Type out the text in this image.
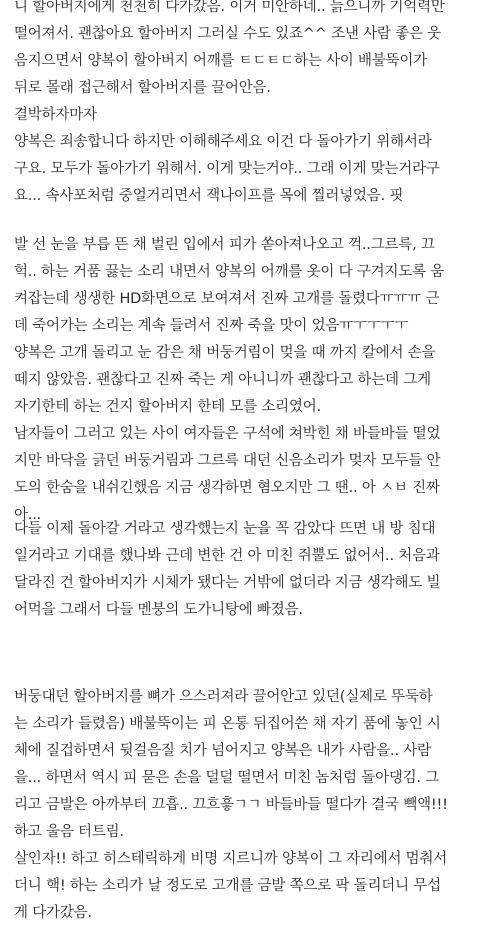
니 할아버지에게 천천히 다가갔음. 이거 미안하네.. 늙으니까 기억력만
떨어져서. 괜찮아요 할아버지 그러실 수도 있죠^^ 조낸 사람 좋은 웃
음지으면서 양복이 할아버지 어깨를 ㅌㄷㅌㄷ하는 사이 배불뚝이가
뒤로 몰래 접근해서 할아버지를 끌어안음.
결박하자마자
양복은 죄송합니다 하지만 이해해주세요 이건 다 돌아가기 위해서라
구요. 모두가 돌아가기 위해서. 이게 맞는거야.. 그래 이게 맞는거라구
요... 속사포처럼 중얼거리면서 잭나이프를 목에 찔러넣었음. 핏
발 선 눈을 부릅 뜬 채 벌린 입에서 피가 쏟아져나오고 꺽..그르륵, 끄
헉.. 하는 거품 끓는 소리 내면서 양복의 어깨를 옷이 다 구겨지도록 움
켜잡는데 생생한 HD화면으로 보여져서 진짜 고개를 돌렸다ㅠㅠㅠ 근
데 죽어가는 소리는 계속 들려서 진짜 죽을 맛이 었음ㅠㅜㅜㅜㅜ
양복은 고개 돌리고 눈 감은 채 버둥거림이 멎을 때 까지 칼에서 손을
떼지 않았음. 괜찮다고 진짜 죽는 게 아니니까 괜찮다고 하는데 그게
자기한테 하는 건지 할아버지 한테 모를 소리였어.
남자들이 그러고 있는 사이 여자들은 구석에 쳐박힌 채 바들바들 떨었
지만 바닥을 긁던 버둥거림과 그르륵 대던 신음소리가 멎자 모두들 안
도의 한숨을 내쉬긴했음 지금 생각하면 혐오지만 그 땐.. 아 ㅅㅂ 진짜
아...
다들 이제 돌아갈 거라고 생각했는지 눈을 꼭 감았다 뜨면 내 방 침대
일거라고 기대를 했나봐 근데 변한 건 아 미친 쥐뿔도 없어서.. 처음과
달라진 건 할아버지가 시체가 됐다는 거밖에 없더라 지금 생각해도 빌
어먹을 그래서 다들 멘붕의 도가니탕에 빠졌음.
버둥대던 할아버지를 뼈가 으스러져라 끌어안고 있던(실제로 뚜둑하
는 소리가 들렸음) 배불뚝이는 피 온통 뒤집어쓴 채 자기 품에 놓인 시
체에 질겁하면서 뒷걸음질 치가 넘어지고 양복은 내가 사람을.. 사람
을... 하면서 역시 피 묻은 손을 덜덜 떨면서 미친 놈처럼 돌아댕김. 그
리고 금발은 아까부터 끄흡.. 끄흐흫ㄱㄱ 바들바들 떨다가 결국 빽액!!!
하고 울음 터트림.
살인자!! 하고 히스테릭하게 비명 지르니까 양복이 그 자리에서 멈춰서
더니 핵! 하는 소리가 날 정도로 고개를 금발 쪽으로 팍 돌리더니 무섭
게 다가갔음.
